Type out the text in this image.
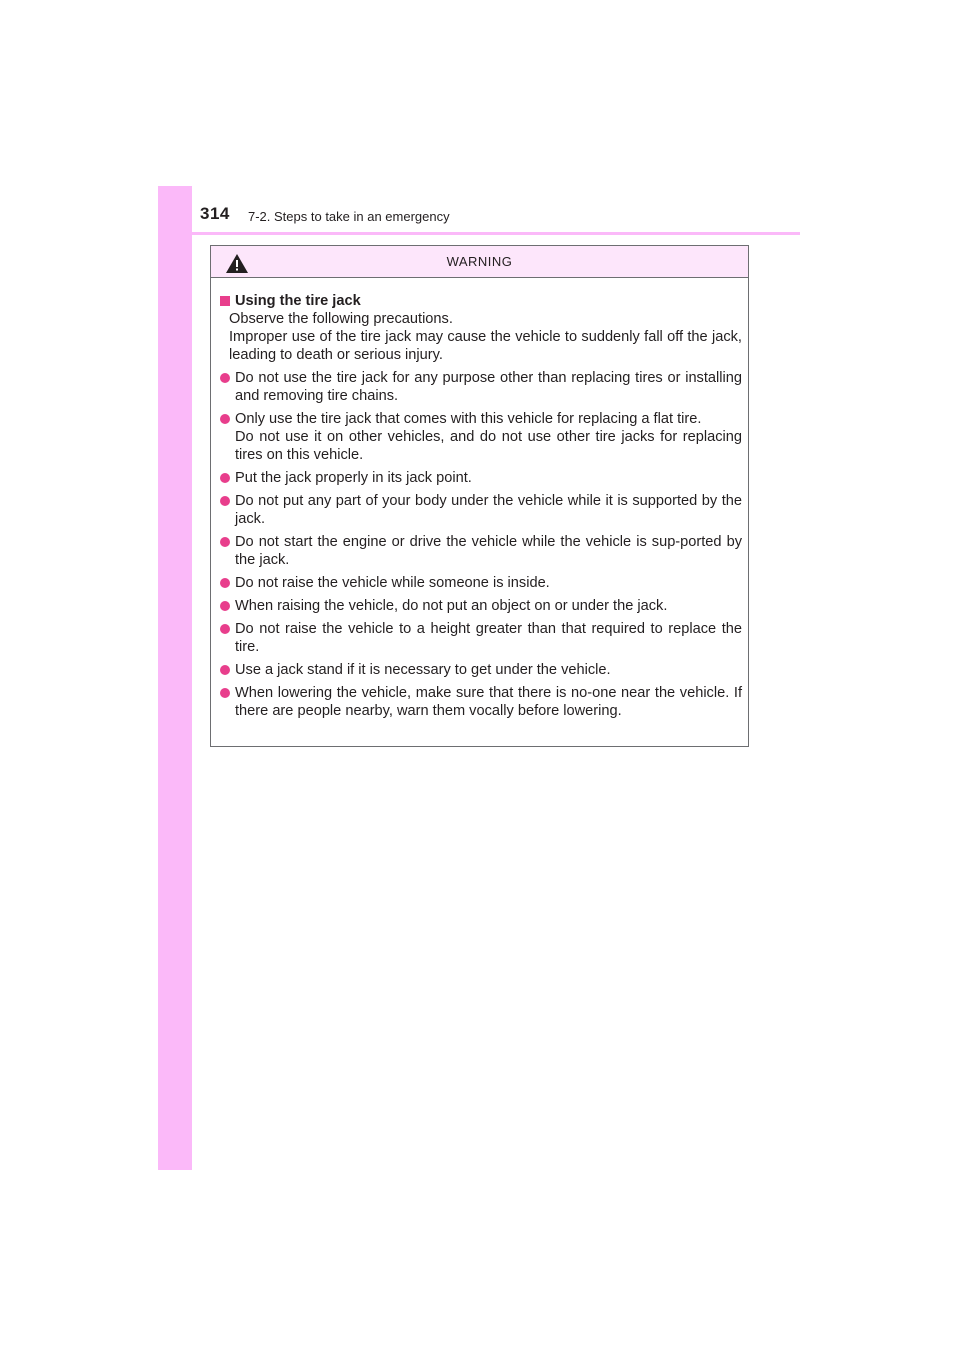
314 7-2. Steps to take in an emergency
WARNING
Using the tire jack
Observe the following precautions.
Improper use of the tire jack may cause the vehicle to suddenly fall off the jack, leading to death or serious injury.
Do not use the tire jack for any purpose other than replacing tires or installing and removing tire chains.
Only use the tire jack that comes with this vehicle for replacing a flat tire.
Do not use it on other vehicles, and do not use other tire jacks for replacing tires on this vehicle.
Put the jack properly in its jack point.
Do not put any part of your body under the vehicle while it is supported by the jack.
Do not start the engine or drive the vehicle while the vehicle is sup-ported by the jack.
Do not raise the vehicle while someone is inside.
When raising the vehicle, do not put an object on or under the jack.
Do not raise the vehicle to a height greater than that required to replace the tire.
Use a jack stand if it is necessary to get under the vehicle.
When lowering the vehicle, make sure that there is no-one near the vehicle. If there are people nearby, warn them vocally before lowering.
